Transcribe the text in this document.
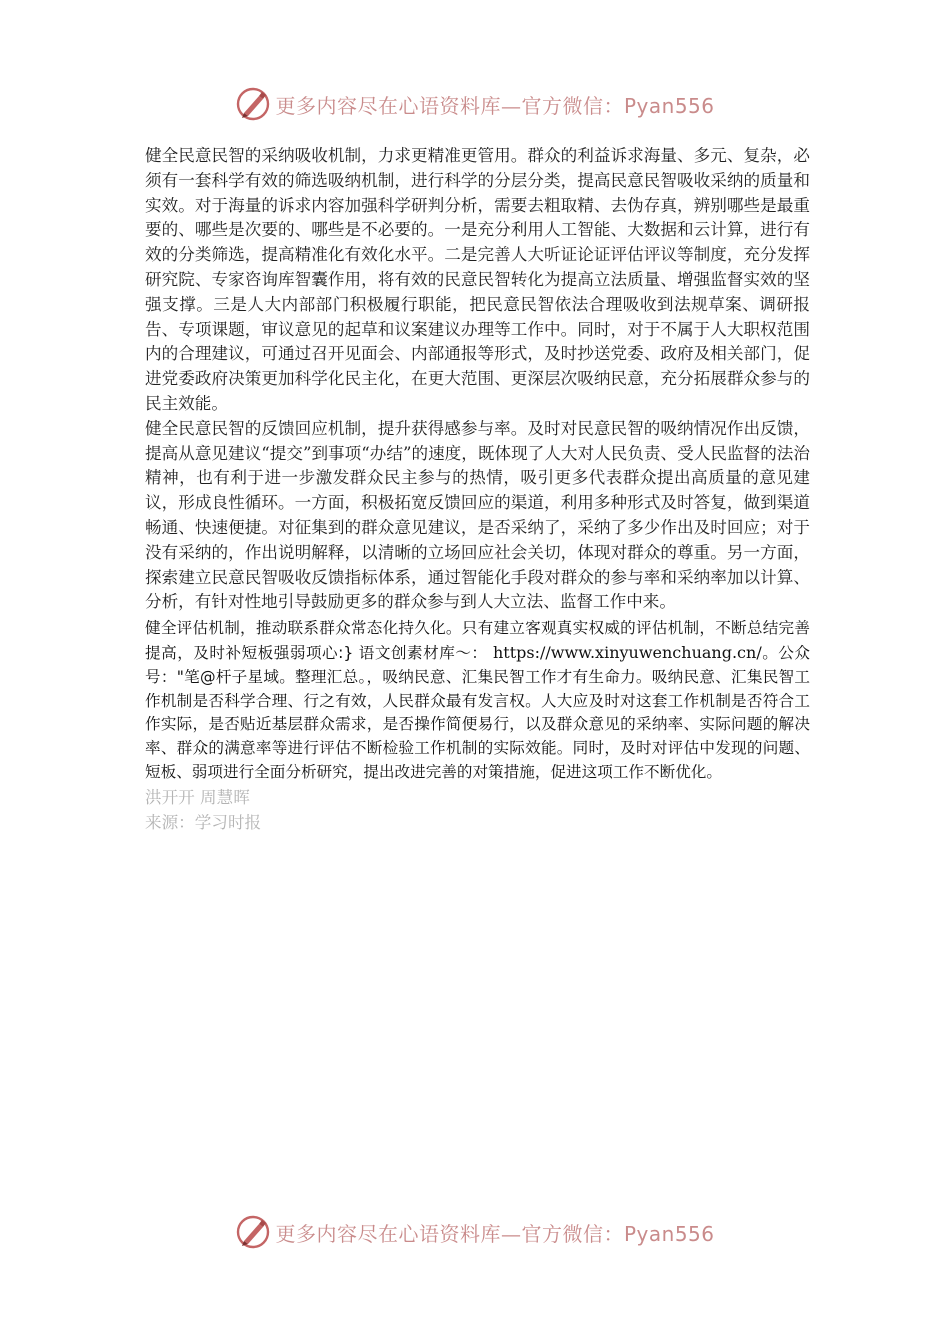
更多内容尽在心语资料库—官方微信：Pyan556

健全民意民智的采纳吸收机制，力求更精准更管用。群众的利益诉求海量、多元、复杂，必须有一套科学有效的筛选吸纳机制，进行科学的分层分类，提高民意民智吸收采纳的质量和实效。对于海量的诉求内容加强科学研判分析，需要去粗取精、去伪存真，辨别哪些是最重要的、哪些是次要的、哪些是不必要的。一是充分利用人工智能、大数据和云计算，进行有效的分类筛选，提高精准化有效化水平。二是完善人大听证论证评估评议等制度，充分发挥研究院、专家咨询库智囊作用，将有效的民意民智转化为提高立法质量、增强监督实效的坚强支撑。三是人大内部部门积极履行职能，把民意民智依法合理吸收到法规草案、调研报告、专项课题，审议意见的起草和议案建议办理等工作中。同时，对于不属于人大职权范围内的合理建议，可通过召开见面会、内部通报等形式，及时抄送党委、政府及相关部门，促进党委政府决策更加科学化民主化，在更大范围、更深层次吸纳民意，充分拓展群众参与的民主效能。

健全民意民智的反馈回应机制，提升获得感参与率。及时对民意民智的吸纳情况作出反馈，提高从意见建议“提交”到事项“办结”的速度，既体现了人大对人民负责、受人民监督的法治精神，也有利于进一步激发群众民主参与的热情，吸引更多代表群众提出高质量的意见建议，形成良性循环。一方面，积极拓宽反馈回应的渠道，利用多种形式及时答复，做到渠道畅通、快速便捷。对征集到的群众意见建议，是否采纳了，采纳了多少作出及时回应；对于没有采纳的，作出说明解释，以清晰的立场回应社会关切，体现对群众的尊重。另一方面，探索建立民意民智吸收反馈指标体系，通过智能化手段对群众的参与率和采纳率加以计算、分析，有针对性地引导鼓励更多的群众参与到人大立法、监督工作中来。

健全评估机制，推动联系群众常态化持久化。只有建立客观真实权威的评估机制，不断总结完善提高，及时补短板强弱项心:} 语文创素材库～： https://www.xinyuwenchuang.cn/。公众号："笔@杆子星域。整理汇总。，吸纳民意、汇集民智工作才有生命力。吸纳民意、汇集民智工作机制是否科学合理、行之有效，人民群众最有发言权。人大应及时对这套工作机制是否符合工作实际，是否贴近基层群众需求，是否操作简便易行，以及群众意见的采纳率、实际问题的解决率、群众的满意率等进行评估不断检验工作机制的实际效能。同时，及时对评估中发现的问题、短板、弱项进行全面分析研究，提出改进完善的对策措施，促进这项工作不断优化。

洪开开 周慧晖

来源：学习时报

更多内容尽在心语资料库—官方微信：Pyan556
